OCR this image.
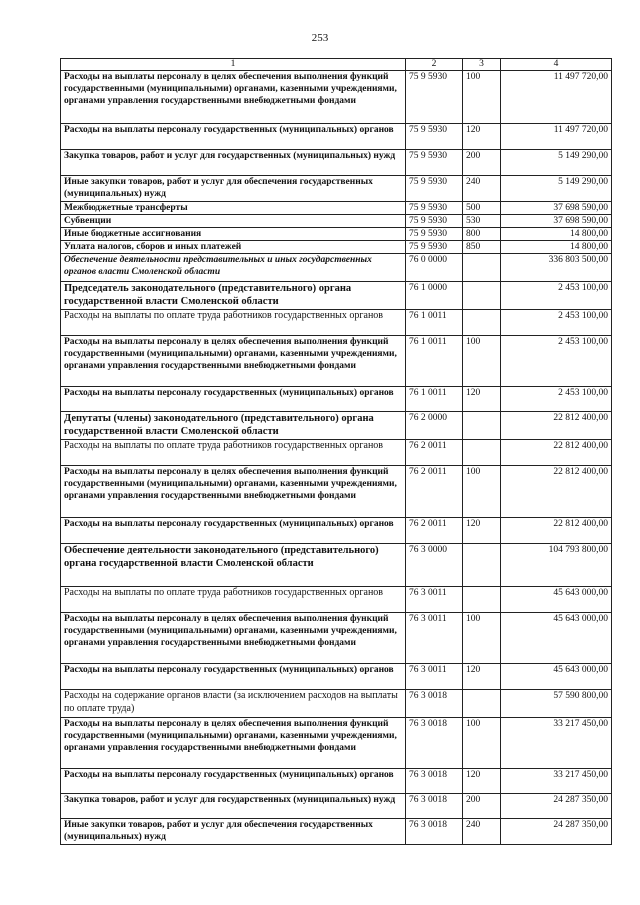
253
1	2	3	4
Расходы на выплаты персоналу в целях обеспечения выполнения функций государственными (муниципальными) органами, казенными учреждениями, органами управления государственными внебюджетными фондами	75 9 5930	100	11 497 720,00
Расходы на выплаты персоналу государственных (муниципальных) органов	75 9 5930	120	11 497 720,00
Закупка товаров, работ и услуг для государственных (муниципальных) нужд	75 9 5930	200	5 149 290,00
Иные закупки товаров, работ и услуг для обеспечения государственных (муниципальных) нужд	75 9 5930	240	5 149 290,00
Межбюджетные трансферты	75 9 5930	500	37 698 590,00
Субвенции	75 9 5930	530	37 698 590,00
Иные бюджетные ассигнования	75 9 5930	800	14 800,00
Уплата налогов, сборов и иных платежей	75 9 5930	850	14 800,00
Обеспечение деятельности представительных и иных государственных органов власти Смоленской области	76 0 0000		336 803 500,00
Председатель законодательного (представительного) органа государственной власти Смоленской области	76 1 0000		2 453 100,00
Расходы на выплаты по оплате труда работников государственных органов	76 1 0011		2 453 100,00
Расходы на выплаты персоналу в целях обеспечения выполнения функций государственными (муниципальными) органами, казенными учреждениями, органами управления государственными внебюджетными фондами	76 1 0011	100	2 453 100,00
Расходы на выплаты персоналу государственных (муниципальных) органов	76 1 0011	120	2 453 100,00
Депутаты (члены) законодательного (представительного) органа государственной власти Смоленской области	76 2 0000		22 812 400,00
Расходы на выплаты по оплате труда работников государственных органов	76 2 0011		22 812 400,00
Расходы на выплаты персоналу в целях обеспечения выполнения функций государственными (муниципальными) органами, казенными учреждениями, органами управления государственными внебюджетными фондами	76 2 0011	100	22 812 400,00
Расходы на выплаты персоналу государственных (муниципальных) органов	76 2 0011	120	22 812 400,00
Обеспечение деятельности законодательного (представительного) органа государственной власти Смоленской области	76 3 0000		104 793 800,00
Расходы на выплаты по оплате труда работников государственных органов	76 3 0011		45 643 000,00
Расходы на выплаты персоналу в целях обеспечения выполнения функций государственными (муниципальными) органами, казенными учреждениями, органами управления государственными внебюджетными фондами	76 3 0011	100	45 643 000,00
Расходы на выплаты персоналу государственных (муниципальных) органов	76 3 0011	120	45 643 000,00
Расходы на содержание органов власти (за исключением расходов на выплаты по оплате труда)	76 3 0018		57 590 800,00
Расходы на выплаты персоналу в целях обеспечения выполнения функций государственными (муниципальными) органами, казенными учреждениями, органами управления государственными внебюджетными фондами	76 3 0018	100	33 217 450,00
Расходы на выплаты персоналу государственных (муниципальных) органов	76 3 0018	120	33 217 450,00
Закупка товаров, работ и услуг для государственных (муниципальных) нужд	76 3 0018	200	24 287 350,00
Иные закупки товаров, работ и услуг для обеспечения государственных (муниципальных) нужд	76 3 0018	240	24 287 350,00
